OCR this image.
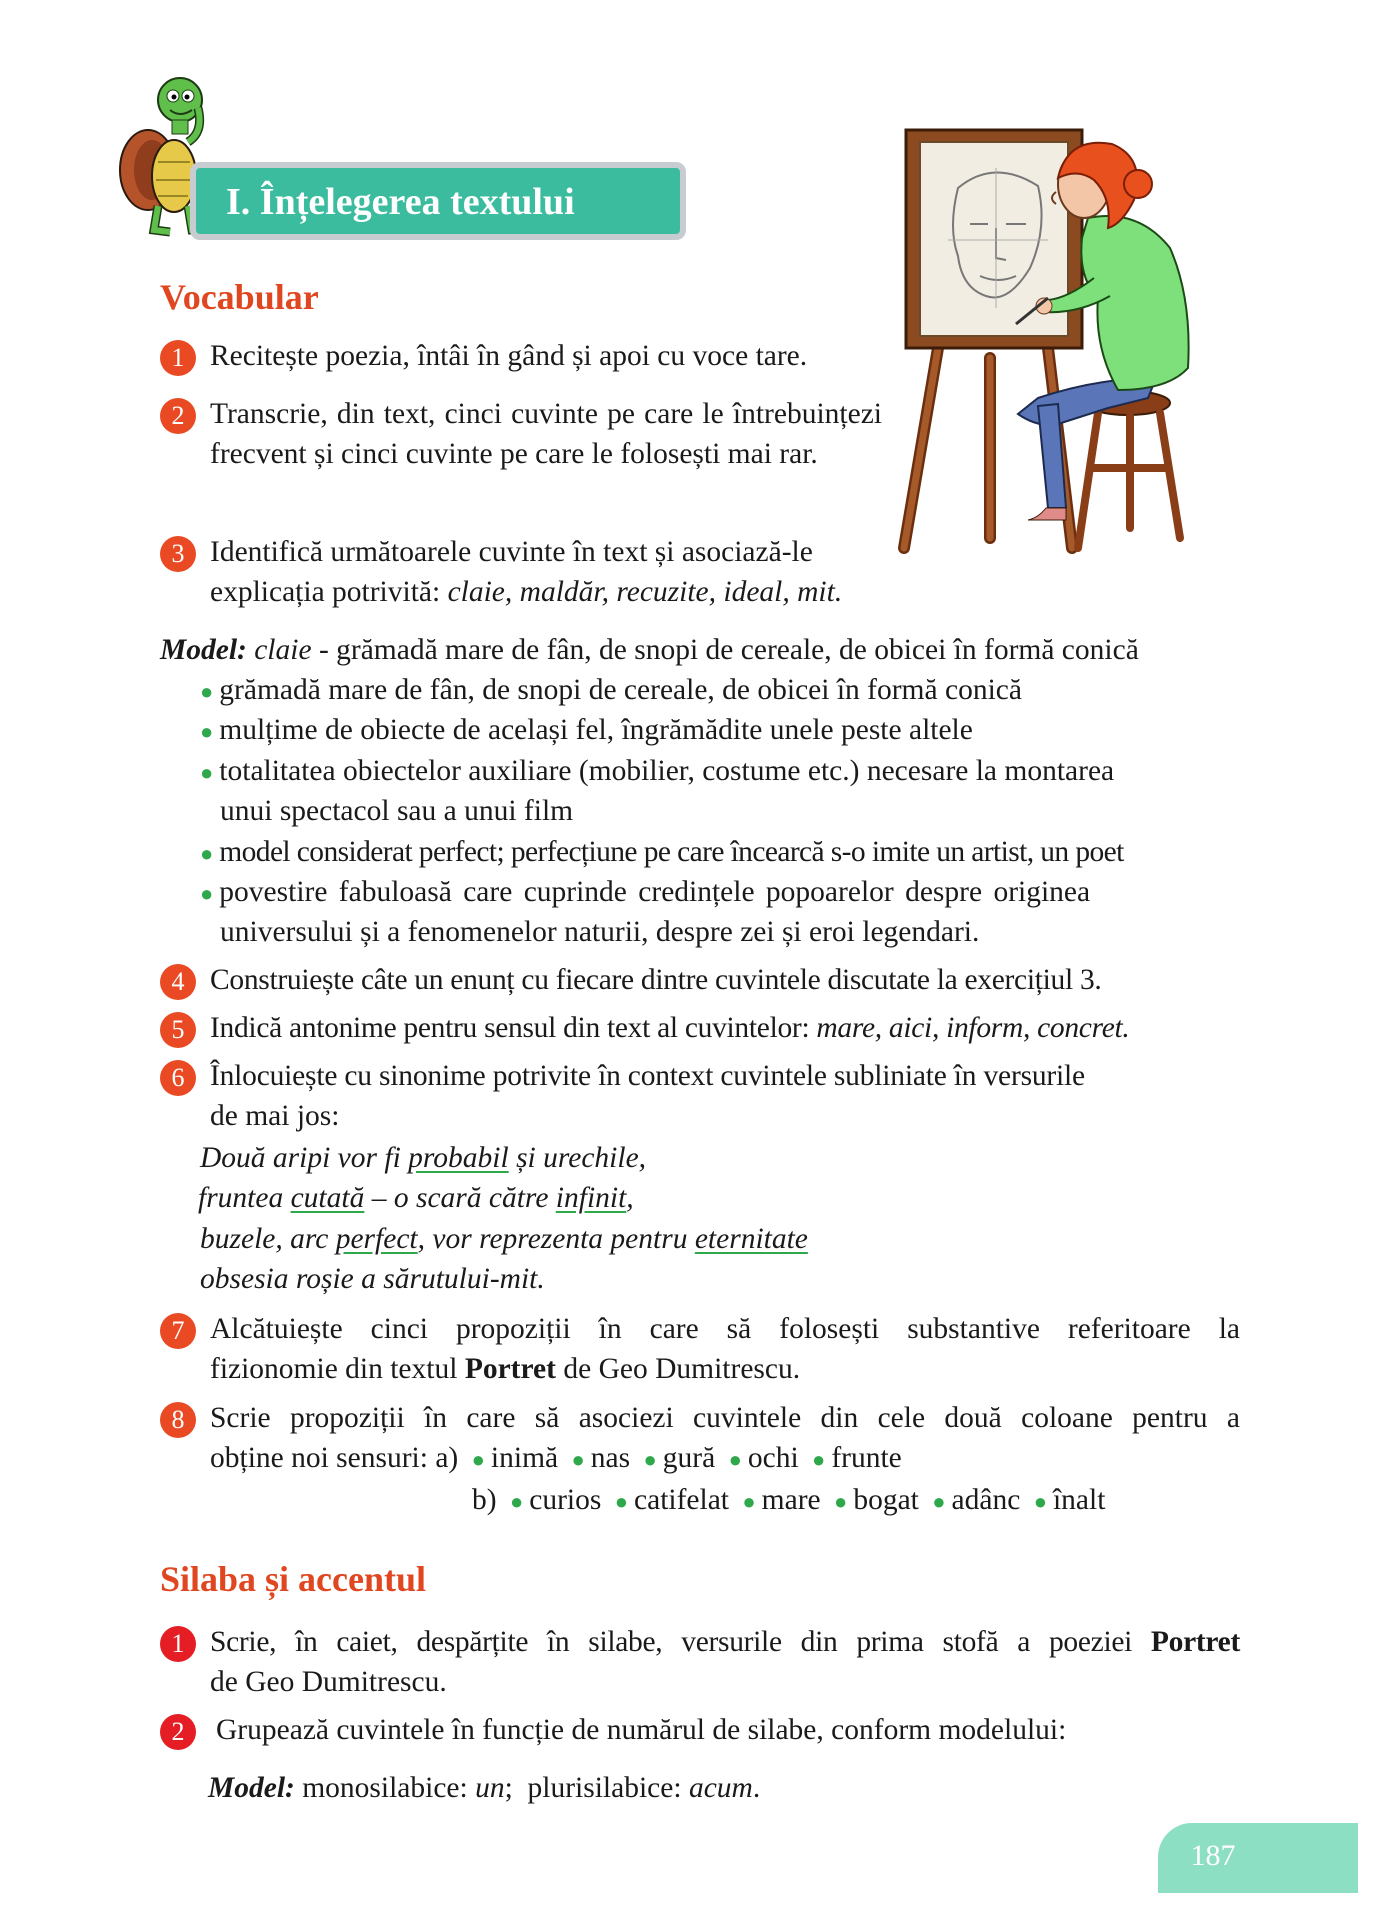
I. Înțelegerea textului
Vocabular
1 Recitește poezia, întâi în gând și apoi cu voce tare.
2 Transcrie, din text, cinci cuvinte pe care le întrebuințezi frecvent și cinci cuvinte pe care le folosești mai rar.
3 Identifică următoarele cuvinte în text și asociază-le
explicația potrivită: claie, maldăr, recuzite, ideal, mit.
Model: claie - grămadă mare de fân, de snopi de cereale, de obicei în formă conică
● grămadă mare de fân, de snopi de cereale, de obicei în formă conică
● mulțime de obiecte de același fel, îngrămădite unele peste altele
● totalitatea obiectelor auxiliare (mobilier, costume etc.) necesare la montarea
unui spectacol sau a unui film
● model considerat perfect; perfecțiune pe care încearcă s-o imite un artist, un poet
● povestire fabuloasă care cuprinde credințele popoarelor despre originea
universului și a fenomenelor naturii, despre zei și eroi legendari.
4 Construiește câte un enunț cu fiecare dintre cuvintele discutate la exercițiul 3.
5 Indică antonime pentru sensul din text al cuvintelor: mare, aici, inform, concret.
6 Înlocuiește cu sinonime potrivite în context cuvintele subliniate în versurile
de mai jos:
Două aripi vor fi probabil și urechile,
fruntea cutată – o scară către infinit,
buzele, arc perfect, vor reprezenta pentru eternitate
obsesia roșie a sărutului-mit.
7 Alcătuiește cinci propoziții în care să folosești substantive referitoare la
fizionomie din textul Portret de Geo Dumitrescu.
8 Scrie propoziții în care să asociezi cuvintele din cele două coloane pentru a
obține noi sensuri: a) ● inimă ● nas ● gură ● ochi ● frunte
b) ● curios ● catifelat ● mare ● bogat ● adânc ● înalt
Silaba și accentul
1 Scrie, în caiet, despărțite în silabe, versurile din prima stofă a poeziei Portret
de Geo Dumitrescu.
2	Grupează cuvintele în funcție de numărul de silabe, conform modelului:
Model: monosilabice: un;  plurisilabice: acum.
187
